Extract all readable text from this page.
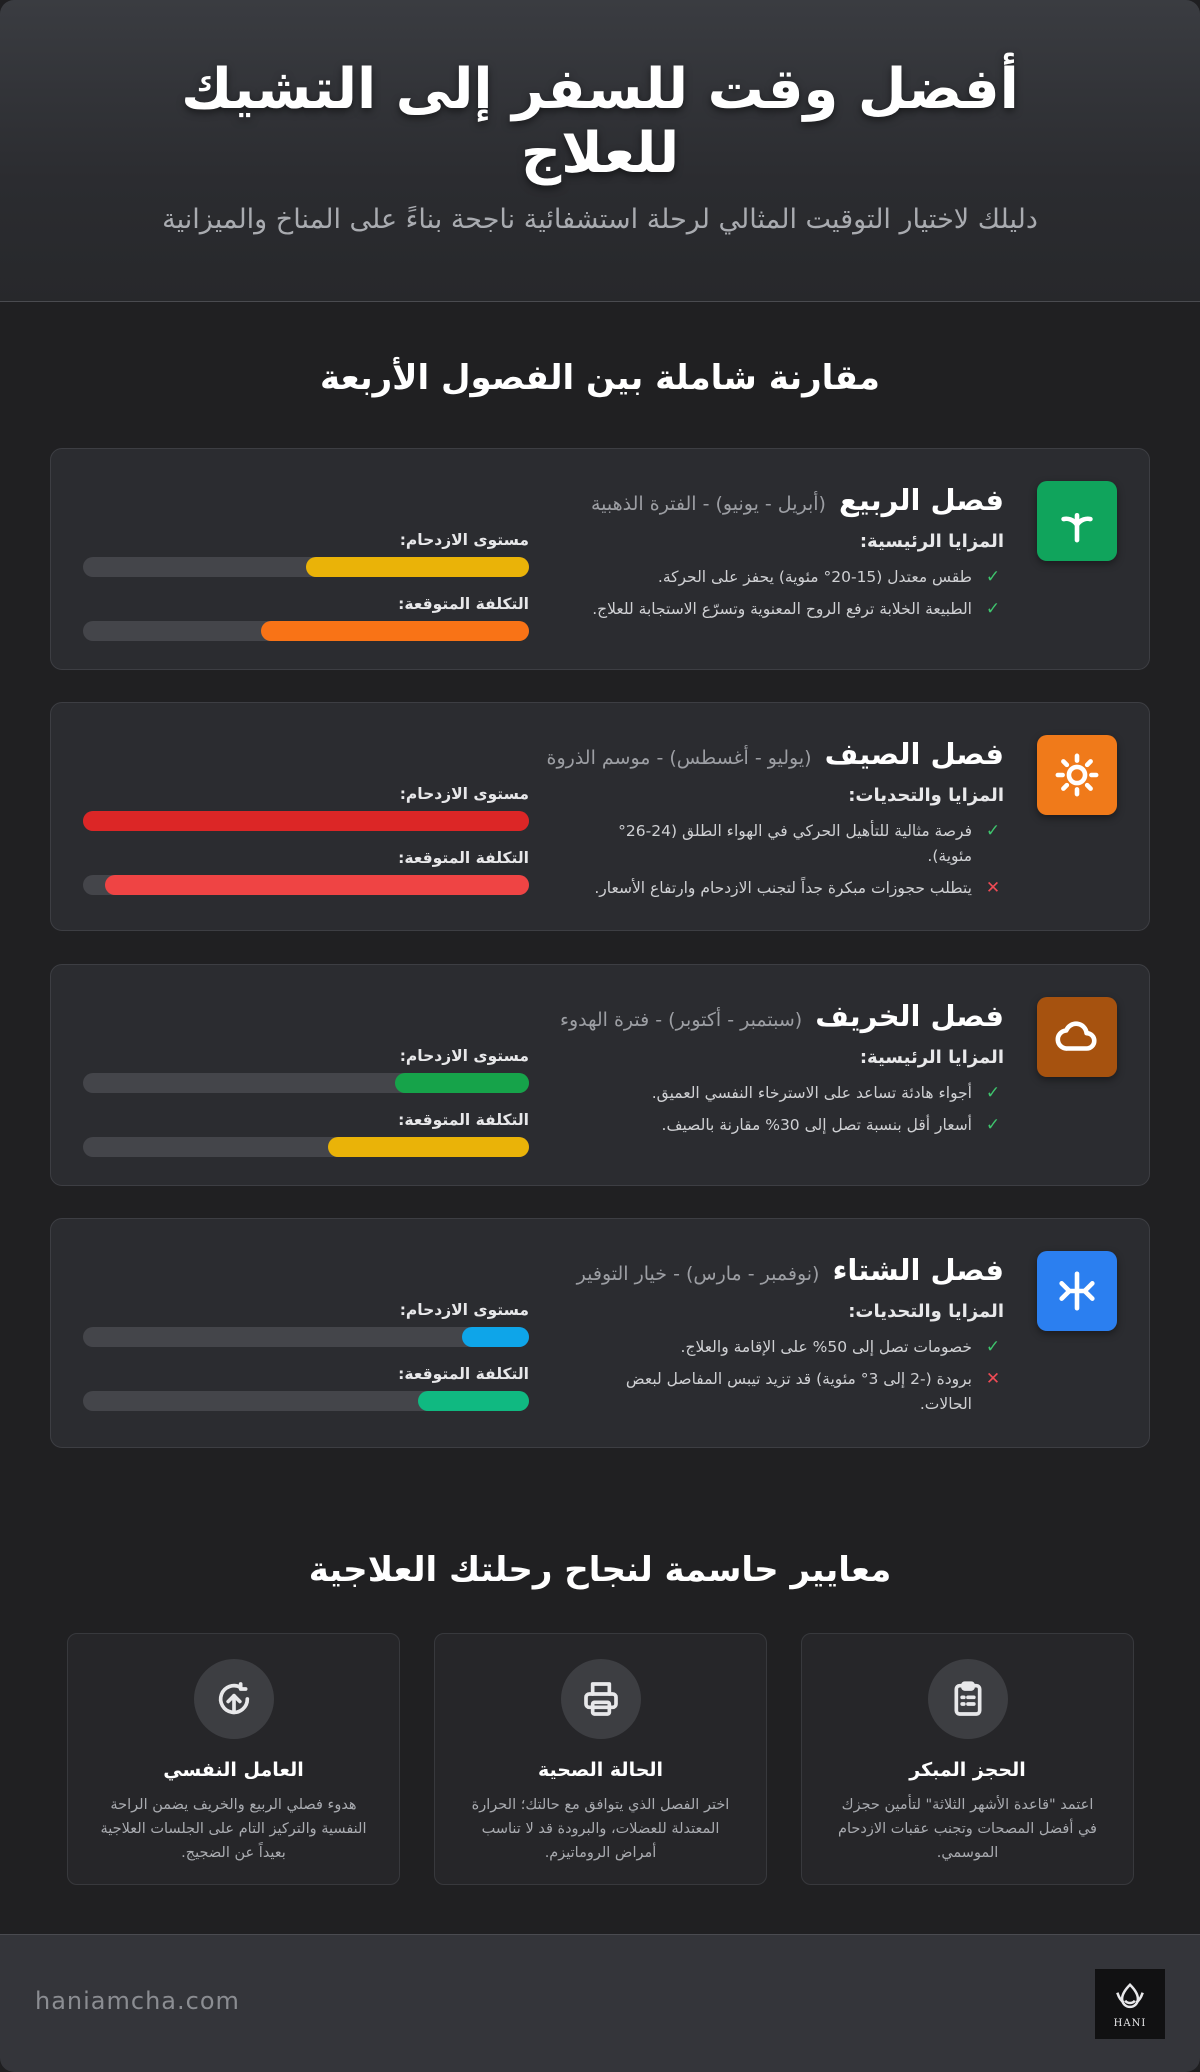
أفضل وقت للسفر إلى التشيك للعلاج

دليلك لاختيار التوقيت المثالي لرحلة استشفائية ناجحة بناءً على المناخ والميزانية

مقارنة شاملة بين الفصول الأربعة
فصل الربيع (أبريل - يونيو) - الفترة الذهبية
المزايا الرئيسية:
✓
طقس معتدل (15-20° مئوية) يحفز على الحركة.
✓
الطبيعة الخلابة ترفع الروح المعنوية وتسرّع الاستجابة للعلاج.
مستوى الازدحام:
التكلفة المتوقعة:
فصل الصيف (يوليو - أغسطس) - موسم الذروة
المزايا والتحديات:
✓
فرصة مثالية للتأهيل الحركي في الهواء الطلق (24-26° مئوية).
✕
يتطلب حجوزات مبكرة جداً لتجنب الازدحام وارتفاع الأسعار.
مستوى الازدحام:
التكلفة المتوقعة:
فصل الخريف (سبتمبر - أكتوبر) - فترة الهدوء
المزايا الرئيسية:
✓
أجواء هادئة تساعد على الاسترخاء النفسي العميق.
✓
أسعار أقل بنسبة تصل إلى 30% مقارنة بالصيف.
مستوى الازدحام:
التكلفة المتوقعة:
فصل الشتاء (نوفمبر - مارس) - خيار التوفير
المزايا والتحديات:
✓
خصومات تصل إلى 50% على الإقامة والعلاج.
✕
برودة (-2 إلى 3° مئوية) قد تزيد تيبس المفاصل لبعض الحالات.
مستوى الازدحام:
التكلفة المتوقعة:
معايير حاسمة لنجاح رحلتك العلاجية
الحجز المبكر

اعتمد "قاعدة الأشهر الثلاثة" لتأمين حجزك في أفضل المصحات وتجنب عقبات الازدحام الموسمي.

الحالة الصحية

اختر الفصل الذي يتوافق مع حالتك؛ الحرارة المعتدلة للعضلات، والبرودة قد لا تناسب أمراض الروماتيزم.

العامل النفسي

هدوء فصلي الربيع والخريف يضمن الراحة النفسية والتركيز التام على الجلسات العلاجية بعيداً عن الضجيج.

HANI
haniamcha.com
